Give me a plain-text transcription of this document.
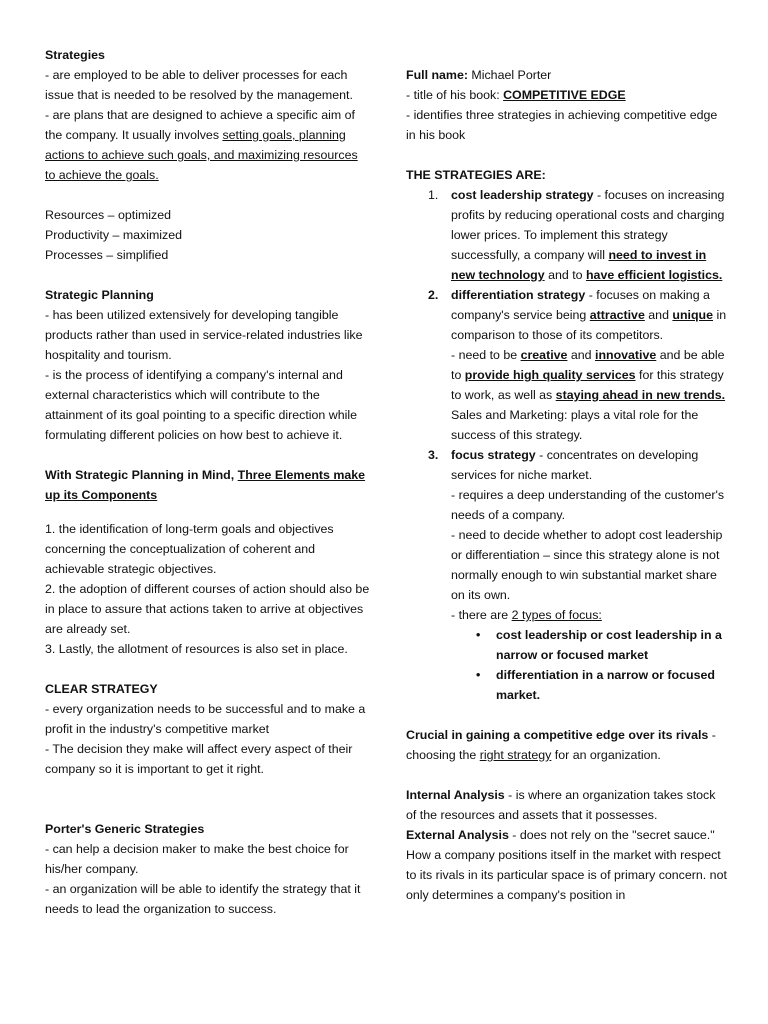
Strategies

- are employed to be able to deliver processes for each issue that is needed to be resolved by the management.

- are plans that are designed to achieve a specific aim of the company. It usually involves setting goals, planning actions to achieve such goals, and maximizing resources to achieve the goals.

Resources – optimized

Productivity – maximized

Processes – simplified

Strategic Planning

- has been utilized extensively for developing tangible products rather than used in service-related industries like hospitality and tourism.

- is the process of identifying a company's internal and external characteristics which will contribute to the attainment of its goal pointing to a specific direction while formulating different policies on how best to achieve it.

With Strategic Planning in Mind, Three Elements make up its Components

1. the identification of long-term goals and objectives concerning the conceptualization of coherent and achievable strategic objectives.

2. the adoption of different courses of action should also be in place to assure that actions taken to arrive at objectives are already set.

3. Lastly, the allotment of resources is also set in place.

CLEAR STRATEGY

- every organization needs to be successful and to make a profit in the industry's competitive market

- The decision they make will affect every aspect of their company so it is important to get it right.

Porter's Generic Strategies

- can help a decision maker to make the best choice for his/her company.

- an organization will be able to identify the strategy that it needs to lead the organization to success.

Full name: Michael Porter

- title of his book: COMPETITIVE EDGE

- identifies three strategies in achieving competitive edge in his book

THE STRATEGIES ARE:

1. cost leadership strategy - focuses on increasing profits by reducing operational costs and charging lower prices. To implement this strategy successfully, a company will need to invest in new technology and to have efficient logistics.

2. differentiation strategy - focuses on making a company's service being attractive and unique in comparison to those of its competitors.

- need to be creative and innovative and be able to provide high quality services for this strategy to work, as well as staying ahead in new trends.

Sales and Marketing: plays a vital role for the success of this strategy.

3. focus strategy - concentrates on developing services for niche market.

- requires a deep understanding of the customer's needs of a company.

- need to decide whether to adopt cost leadership or differentiation – since this strategy alone is not normally enough to win substantial market share on its own.

- there are 2 types of focus:

• cost leadership or cost leadership in a narrow or focused market

• differentiation in a narrow or focused market.

Crucial in gaining a competitive edge over its rivals - choosing the right strategy for an organization.

Internal Analysis - is where an organization takes stock of the resources and assets that it possesses.

External Analysis - does not rely on the "secret sauce." How a company positions itself in the market with respect to its rivals in its particular space is of primary concern. not only determines a company's position in
